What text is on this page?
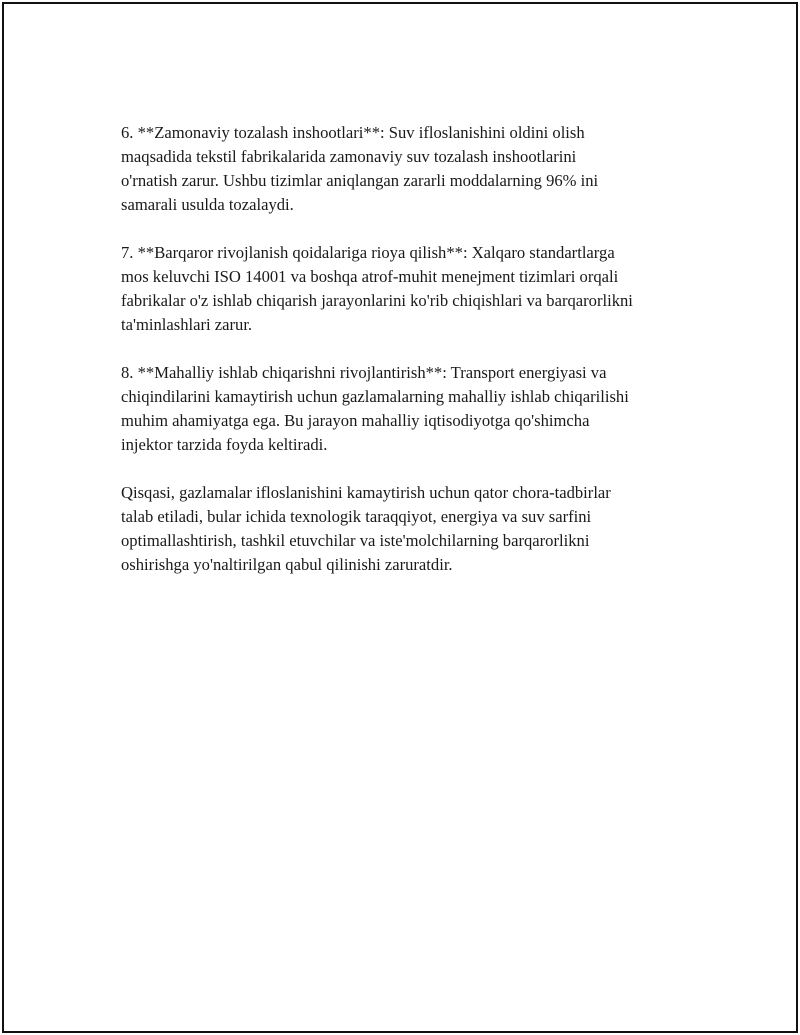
6. **Zamonaviy tozalash inshootlari**: Suv ifloslanishini oldini olish
maqsadida tekstil fabrikalarida zamonaviy suv tozalash inshootlarini
o'rnatish zarur. Ushbu tizimlar aniqlangan zararli moddalarning 96% ini
samarali usulda tozalaydi.

7. **Barqaror rivojlanish qoidalariga rioya qilish**: Xalqaro standartlarga
mos keluvchi ISO 14001 va boshqa atrof-muhit menejment tizimlari orqali
fabrikalar o'z ishlab chiqarish jarayonlarini ko'rib chiqishlari va barqarorlikni
ta'minlashlari zarur.

8. **Mahalliy ishlab chiqarishni rivojlantirish**: Transport energiyasi va
chiqindilarini kamaytirish uchun gazlamalarning mahalliy ishlab chiqarilishi
muhim ahamiyatga ega. Bu jarayon mahalliy iqtisodiyotga qo'shimcha
injektor tarzida foyda keltiradi.

Qisqasi, gazlamalar ifloslanishini kamaytirish uchun qator chora-tadbirlar
talab etiladi, bular ichida texnologik taraqqiyot, energiya va suv sarfini
optimallashtirish, tashkil etuvchilar va iste'molchilarning barqarorlikni
oshirishga yo'naltirilgan qabul qilinishi zaruratdir.
